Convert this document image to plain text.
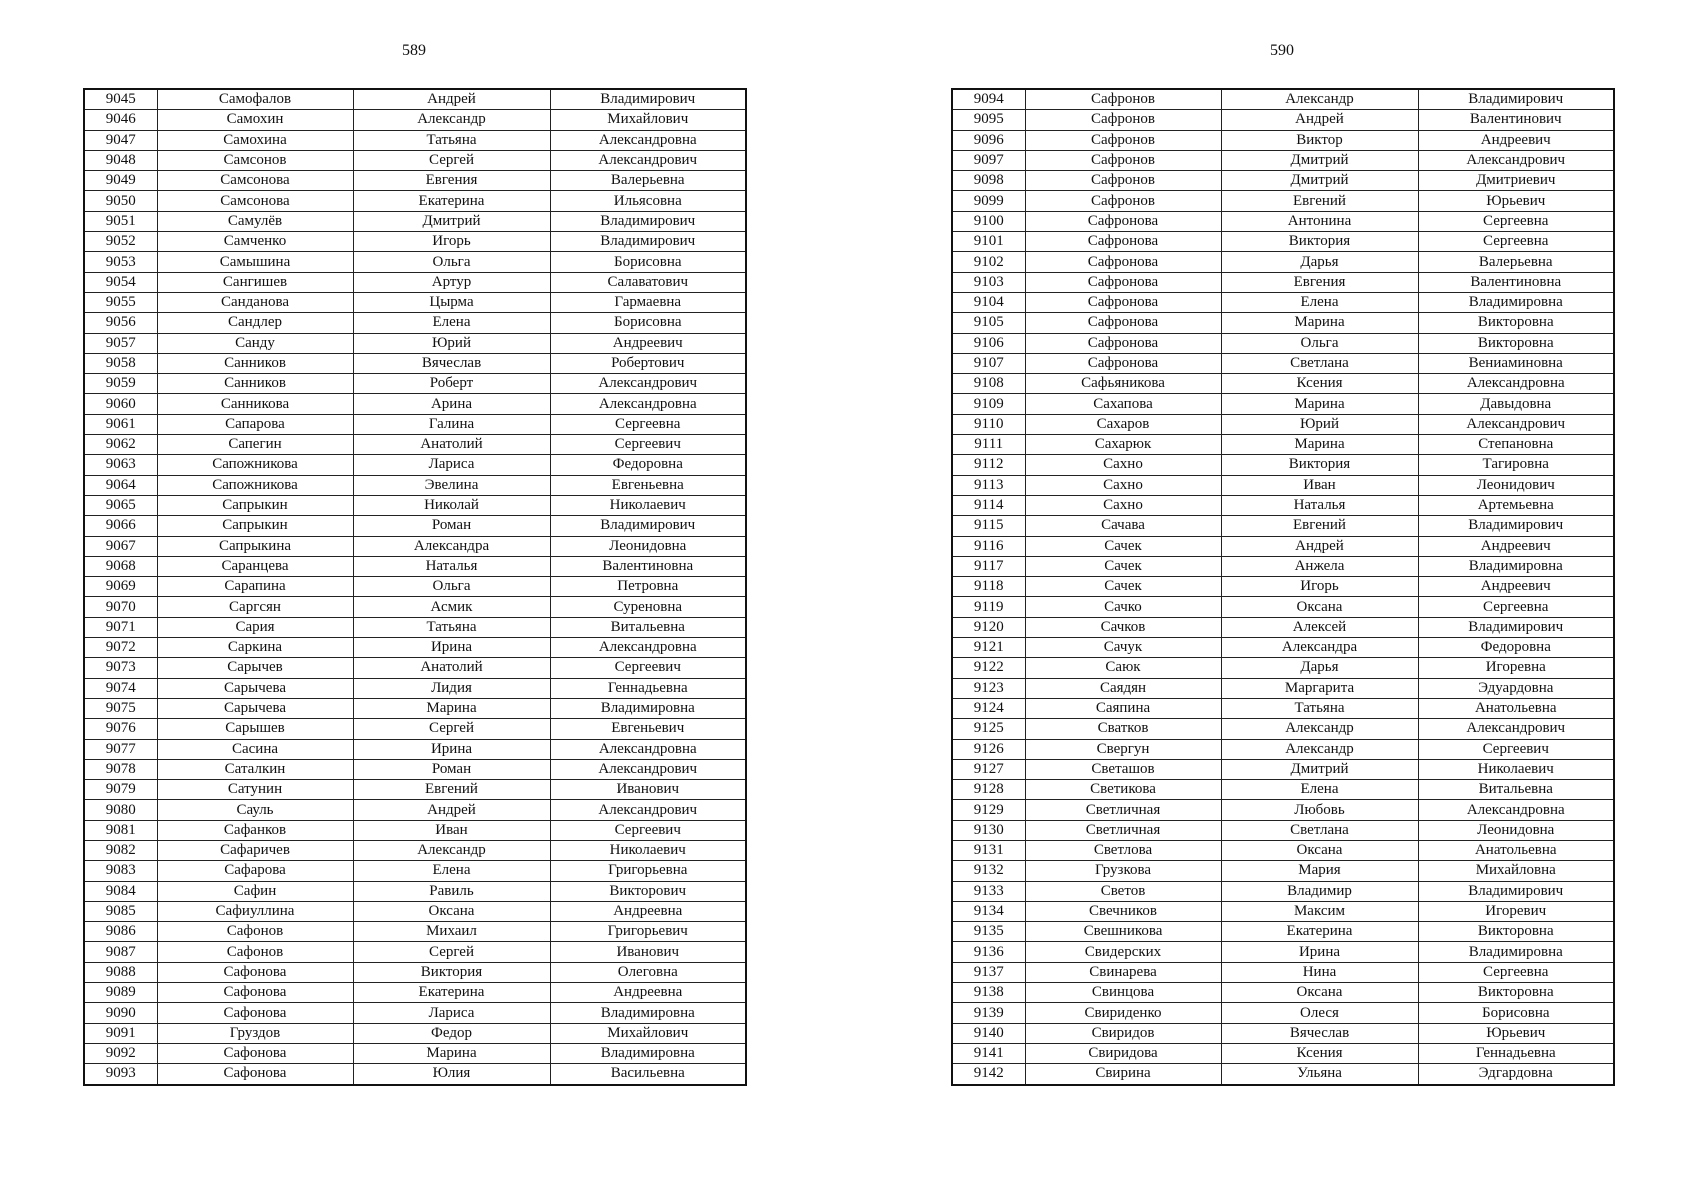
589
9045	Самофалов	Андрей	Владимирович
9046	Самохин	Александр	Михайлович
9047	Самохина	Татьяна	Александровна
9048	Самсонов	Сергей	Александрович
9049	Самсонова	Евгения	Валерьевна
9050	Самсонова	Екатерина	Ильясовна
9051	Самулёв	Дмитрий	Владимирович
9052	Самченко	Игорь	Владимирович
9053	Самышина	Ольга	Борисовна
9054	Сангишев	Артур	Салаватович
9055	Санданова	Цырма	Гармаевна
9056	Сандлер	Елена	Борисовна
9057	Санду	Юрий	Андреевич
9058	Санников	Вячеслав	Робертович
9059	Санников	Роберт	Александрович
9060	Санникова	Арина	Александровна
9061	Сапарова	Галина	Сергеевна
9062	Сапегин	Анатолий	Сергеевич
9063	Сапожникова	Лариса	Федоровна
9064	Сапожникова	Эвелина	Евгеньевна
9065	Сапрыкин	Николай	Николаевич
9066	Сапрыкин	Роман	Владимирович
9067	Сапрыкина	Александра	Леонидовна
9068	Саранцева	Наталья	Валентиновна
9069	Сарапина	Ольга	Петровна
9070	Саргсян	Асмик	Суреновна
9071	Сария	Татьяна	Витальевна
9072	Саркина	Ирина	Александровна
9073	Сарычев	Анатолий	Сергеевич
9074	Сарычева	Лидия	Геннадьевна
9075	Сарычева	Марина	Владимировна
9076	Сарышев	Сергей	Евгеньевич
9077	Сасина	Ирина	Александровна
9078	Саталкин	Роман	Александрович
9079	Сатунин	Евгений	Иванович
9080	Сауль	Андрей	Александрович
9081	Сафанков	Иван	Сергеевич
9082	Сафаричев	Александр	Николаевич
9083	Сафарова	Елена	Григорьевна
9084	Сафин	Равиль	Викторович
9085	Сафиуллина	Оксана	Андреевна
9086	Сафонов	Михаил	Григорьевич
9087	Сафонов	Сергей	Иванович
9088	Сафонова	Виктория	Олеговна
9089	Сафонова	Екатерина	Андреевна
9090	Сафонова	Лариса	Владимировна
9091	Груздов	Федор	Михайлович
9092	Сафонова	Марина	Владимировна
9093	Сафонова	Юлия	Васильевна
590
9094	Сафронов	Александр	Владимирович
9095	Сафронов	Андрей	Валентинович
9096	Сафронов	Виктор	Андреевич
9097	Сафронов	Дмитрий	Александрович
9098	Сафронов	Дмитрий	Дмитриевич
9099	Сафронов	Евгений	Юрьевич
9100	Сафронова	Антонина	Сергеевна
9101	Сафронова	Виктория	Сергеевна
9102	Сафронова	Дарья	Валерьевна
9103	Сафронова	Евгения	Валентиновна
9104	Сафронова	Елена	Владимировна
9105	Сафронова	Марина	Викторовна
9106	Сафронова	Ольга	Викторовна
9107	Сафронова	Светлана	Вениаминовна
9108	Сафьяникова	Ксения	Александровна
9109	Сахапова	Марина	Давыдовна
9110	Сахаров	Юрий	Александрович
9111	Сахарюк	Марина	Степановна
9112	Сахно	Виктория	Тагировна
9113	Сахно	Иван	Леонидович
9114	Сахно	Наталья	Артемьевна
9115	Сачава	Евгений	Владимирович
9116	Сачек	Андрей	Андреевич
9117	Сачек	Анжела	Владимировна
9118	Сачек	Игорь	Андреевич
9119	Сачко	Оксана	Сергеевна
9120	Сачков	Алексей	Владимирович
9121	Сачук	Александра	Федоровна
9122	Саюк	Дарья	Игоревна
9123	Саядян	Маргарита	Эдуардовна
9124	Саяпина	Татьяна	Анатольевна
9125	Сватков	Александр	Александрович
9126	Свергун	Александр	Сергеевич
9127	Светашов	Дмитрий	Николаевич
9128	Светикова	Елена	Витальевна
9129	Светличная	Любовь	Александровна
9130	Светличная	Светлана	Леонидовна
9131	Светлова	Оксана	Анатольевна
9132	Грузкова	Мария	Михайловна
9133	Светов	Владимир	Владимирович
9134	Свечников	Максим	Игоревич
9135	Свешникова	Екатерина	Викторовна
9136	Свидерских	Ирина	Владимировна
9137	Свинарева	Нина	Сергеевна
9138	Свинцова	Оксана	Викторовна
9139	Свириденко	Олеся	Борисовна
9140	Свиридов	Вячеслав	Юрьевич
9141	Свиридова	Ксения	Геннадьевна
9142	Свирина	Ульяна	Эдгардовна
